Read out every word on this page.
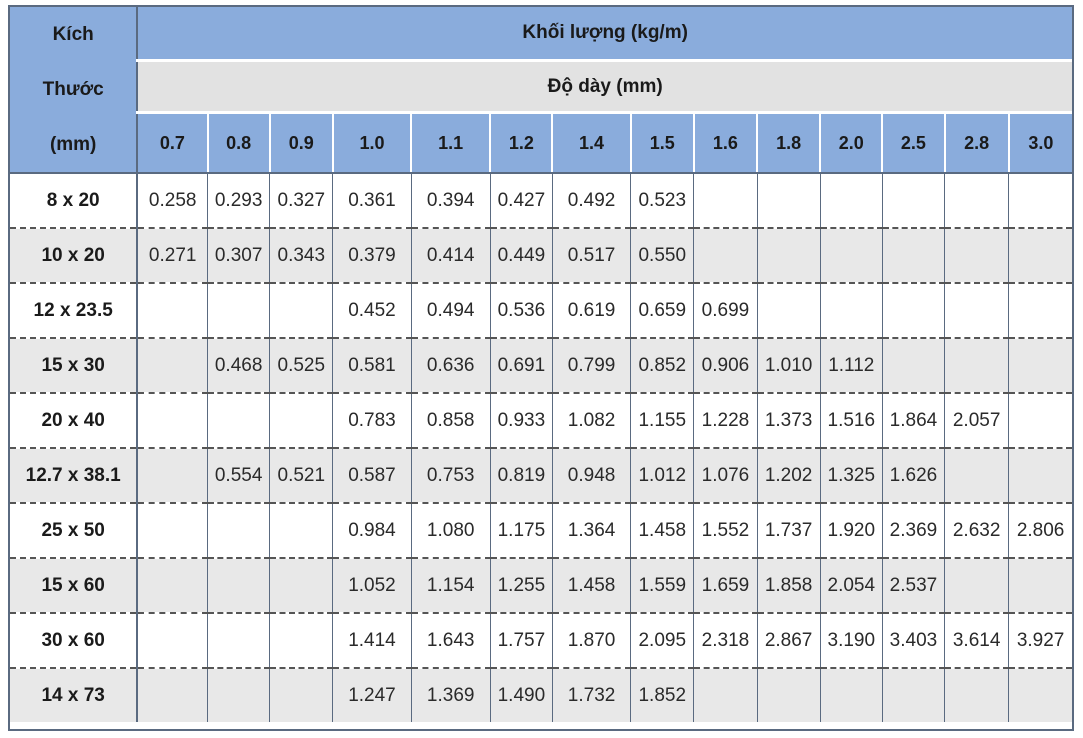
Kích
Thước
(mm)	Khối lượng (kg/m)													
	Độ dày (mm)													
	0.7	0.8	0.9	1.0	1.1	1.2	1.4	1.5	1.6	1.8	2.0	2.5	2.8	3.0
8 x 20	0.258	0.293	0.327	0.361	0.394	0.427	0.492	0.523						
10 x 20	0.271	0.307	0.343	0.379	0.414	0.449	0.517	0.550						
12 x 23.5				0.452	0.494	0.536	0.619	0.659	0.699					
15 x 30		0.468	0.525	0.581	0.636	0.691	0.799	0.852	0.906	1.010	1.112			
20 x 40				0.783	0.858	0.933	1.082	1.155	1.228	1.373	1.516	1.864	2.057	
12.7 x 38.1		0.554	0.521	0.587	0.753	0.819	0.948	1.012	1.076	1.202	1.325	1.626		
25 x 50				0.984	1.080	1.175	1.364	1.458	1.552	1.737	1.920	2.369	2.632	2.806
15 x 60				1.052	1.154	1.255	1.458	1.559	1.659	1.858	2.054	2.537		
30 x 60				1.414	1.643	1.757	1.870	2.095	2.318	2.867	3.190	3.403	3.614	3.927
14 x 73				1.247	1.369	1.490	1.732	1.852						
